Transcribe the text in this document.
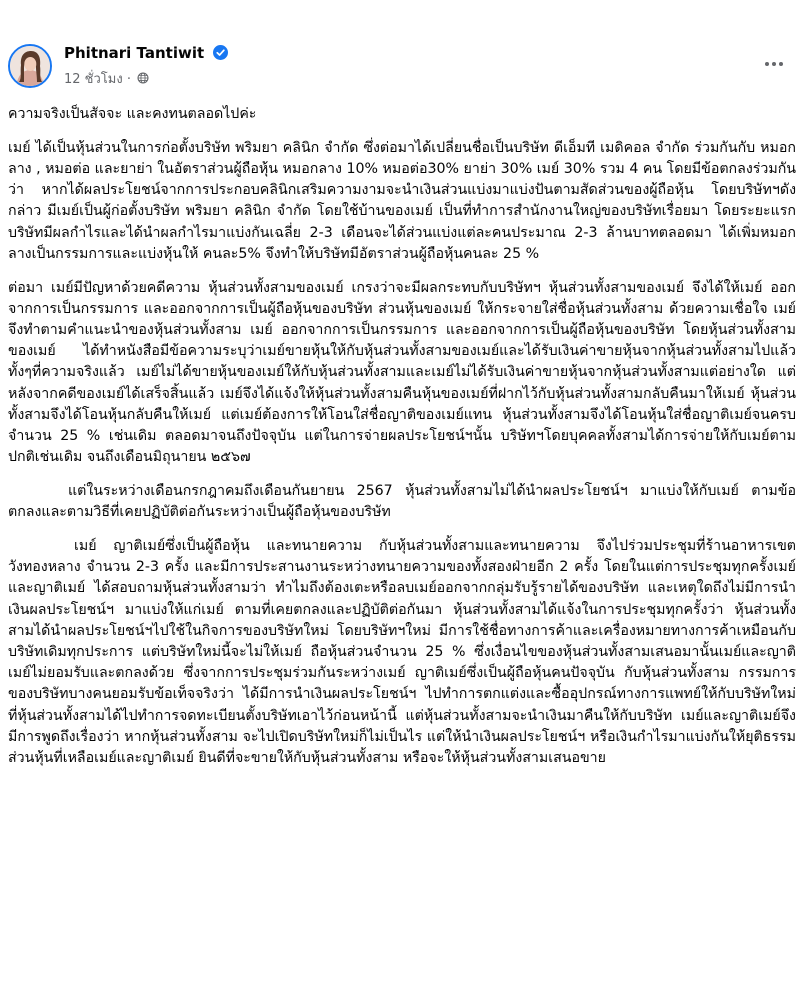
Phitnari Tantiwit
12 ชั่วโมง ·

ความจริงเป็นสัจจะ และคงทนตลอดไปค่ะ

เมย์ ได้เป็นหุ้นส่วนในการก่อตั้งบริษัท พริมยา คลินิก จำกัด ซึ่งต่อมาได้เปลี่ยนชื่อเป็นบริษัท ดีเอ็มที เมดิคอล จำกัด ร่วมกันกับ หมอกลาง , หมอต่อ และยาย่า ในอัตราส่วนผู้ถือหุ้น หมอกลาง 10% หมอต่อ30% ยาย่า 30% เมย์ 30% รวม 4 คน โดยมีข้อตกลงร่วมกันว่า หากได้ผลประโยชน์จากการประกอบคลินิกเสริมความงามจะนำเงินส่วนแบ่งมาแบ่งปันตามสัดส่วนของผู้ถือหุ้น โดยบริษัทฯดังกล่าว มีเมย์เป็นผู้ก่อตั้งบริษัท พริมยา คลินิก จำกัด โดยใช้บ้านของเมย์ เป็นที่ทำการสำนักงานใหญ่ของบริษัทเรื่อยมา โดยระยะแรกบริษัทมีผลกำไรและได้นำผลกำไรมาแบ่งกันเฉลี่ย 2-3 เดือนจะได้ส่วนแบ่งแต่ละคนประมาณ 2-3 ล้านบาทตลอดมา ได้เพิ่มหมอกลางเป็นกรรมการและแบ่งหุ้นให้ คนละ5% จึงทำให้บริษัทมีอัตราส่วนผู้ถือหุ้นคนละ 25 %

ต่อมา เมย์มีปัญหาด้วยคดีความ หุ้นส่วนทั้งสามของเมย์ เกรงว่าจะมีผลกระทบกับบริษัทฯ หุ้นส่วนทั้งสามของเมย์ จึงได้ให้เมย์ ออกจากการเป็นกรรมการ และออกจากการเป็นผู้ถือหุ้นของบริษัท ส่วนหุ้นของเมย์ ให้กระจายใส่ชื่อหุ้นส่วนทั้งสาม ด้วยความเชื่อใจ เมย์จึงทำตามคำแนะนำของหุ้นส่วนทั้งสาม เมย์ ออกจากการเป็นกรรมการ และออกจากการเป็นผู้ถือหุ้นของบริษัท โดยหุ้นส่วนทั้งสามของเมย์ ได้ทำหนังสือมีข้อความระบุว่าเมย์ขายหุ้นให้กับหุ้นส่วนทั้งสามของเมย์และได้รับเงินค่าขายหุ้นจากหุ้นส่วนทั้งสามไปแล้ว ทั้งๆที่ความจริงแล้ว เมย์ไม่ได้ขายหุ้นของเมย์ให้กับหุ้นส่วนทั้งสามและเมย์ไม่ได้รับเงินค่าขายหุ้นจากหุ้นส่วนทั้งสามแต่อย่างใด แต่หลังจากคดีของเมย์ได้เสร็จสิ้นแล้ว เมย์จึงได้แจ้งให้หุ้นส่วนทั้งสามคืนหุ้นของเมย์ที่ฝากไว้กับหุ้นส่วนทั้งสามกลับคืนมาให้เมย์ หุ้นส่วนทั้งสามจึงได้โอนหุ้นกลับคืนให้เมย์ แต่เมย์ต้องการให้โอนใส่ชื่อญาติของเมย์แทน หุ้นส่วนทั้งสามจึงได้โอนหุ้นใส่ชื่อญาติเมย์จนครบจำนวน 25 % เช่นเดิม ตลอดมาจนถึงปัจจุบัน แต่ในการจ่ายผลประโยชน์ฯนั้น บริษัทฯโดยบุคคลทั้งสามได้การจ่ายให้กับเมย์ตามปกติเช่นเดิม จนถึงเดือนมิถุนายน ๒๕๖๗

แต่ในระหว่างเดือนกรกฎาคมถึงเดือนกันยายน 2567 หุ้นส่วนทั้งสามไม่ได้นำผลประโยชน์ฯ มาแบ่งให้กับเมย์ ตามข้อตกลงและตามวิธีที่เคยปฏิบัติต่อกันระหว่างเป็นผู้ถือหุ้นของบริษัท

เมย์ ญาติเมย์ซึ่งเป็นผู้ถือหุ้น และทนายความ กับหุ้นส่วนทั้งสามและทนายความ จึงไปร่วมประชุมที่ร้านอาหารเขตวังทองหลาง จำนวน 2-3 ครั้ง และมีการประสานงานระหว่างทนายความของทั้งสองฝ่ายอีก 2 ครั้ง โดยในแต่การประชุมทุกครั้งเมย์ และญาติเมย์ ได้สอบถามหุ้นส่วนทั้งสามว่า ทำไมถึงต้องเตะหรือลบเมย์ออกจากกลุ่มรับรู้รายได้ของบริษัท และเหตุใดถึงไม่มีการนำเงินผลประโยชน์ฯ มาแบ่งให้แก่เมย์ ตามที่เคยตกลงและปฏิบัติต่อกันมา หุ้นส่วนทั้งสามได้แจ้งในการประชุมทุกครั้งว่า หุ้นส่วนทั้งสามได้นำผลประโยชน์ฯไปใช้ในกิจการของบริษัทใหม่ โดยบริษัทฯใหม่ มีการใช้ชื่อทางการค้าและเครื่องหมายทางการค้าเหมือนกับบริษัทเดิมทุกประการ แต่บริษัทใหม่นี้จะไม่ให้เมย์ ถือหุ้นส่วนจำนวน 25 % ซึ่งเงื่อนไขของหุ้นส่วนทั้งสามเสนอมานั้นเมย์และญาติเมย์ไม่ยอมรับและตกลงด้วย ซึ่งจากการประชุมร่วมกันระหว่างเมย์ ญาติเมย์ซึ่งเป็นผู้ถือหุ้นคนปัจจุบัน กับหุ้นส่วนทั้งสาม กรรมการของบริษัทบางคนยอมรับข้อเท็จจริงว่า ได้มีการนำเงินผลประโยชน์ฯ ไปทำการตกแต่งและซื้ออุปกรณ์ทางการแพทย์ให้กับบริษัทใหม่ ที่หุ้นส่วนทั้งสามได้ไปทำการจดทะเบียนตั้งบริษัทเอาไว้ก่อนหน้านี้ แต่หุ้นส่วนทั้งสามจะนำเงินมาคืนให้กับบริษัท เมย์และญาติเมย์จึงมีการพูดถึงเรื่องว่า หากหุ้นส่วนทั้งสาม จะไปเปิดบริษัทใหม่ก็ไม่เป็นไร แต่ให้นำเงินผลประโยชน์ฯ หรือเงินกำไรมาแบ่งกันให้ยุติธรรม ส่วนหุ้นที่เหลือเมย์และญาติเมย์ ยินดีที่จะขายให้กับหุ้นส่วนทั้งสาม หรือจะให้หุ้นส่วนทั้งสามเสนอขาย
